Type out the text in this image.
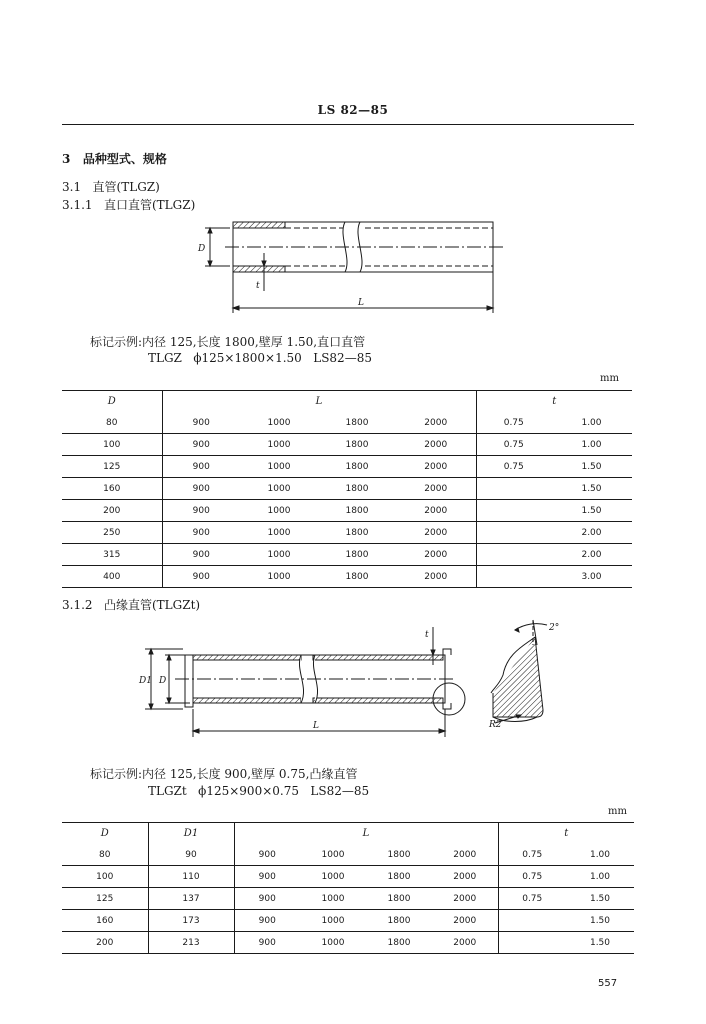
LS 82—85
3 品种型式、规格
3.1 直管(TLGZ)
3.1.1 直口直管(TLGZ)
D
t
L
标记示例:内径 125,长度 1800,壁厚 1.50,直口直管
TLGZ   ϕ125×1800×1.50   LS82—85
mm
D	L				t	
80	900	1000	1800	2000	0.75	1.00
100	900	1000	1800	2000	0.75	1.00
125	900	1000	1800	2000	0.75	1.50
160	900	1000	1800	2000		1.50
200	900	1000	1800	2000		1.50
250	900	1000	1800	2000		2.00
315	900	1000	1800	2000		2.00
400	900	1000	1800	2000		3.00
3.1.2 凸缘直管(TLGZt)
D1 D
t
L
2°
R2
标记示例:内径 125,长度 900,壁厚 0.75,凸缘直管
TLGZt   ϕ125×900×0.75   LS82—85
mm
D	D1	L				t	
80	90	900	1000	1800	2000	0.75	1.00
100	110	900	1000	1800	2000	0.75	1.00
125	137	900	1000	1800	2000	0.75	1.50
160	173	900	1000	1800	2000		1.50
200	213	900	1000	1800	2000		1.50
557
